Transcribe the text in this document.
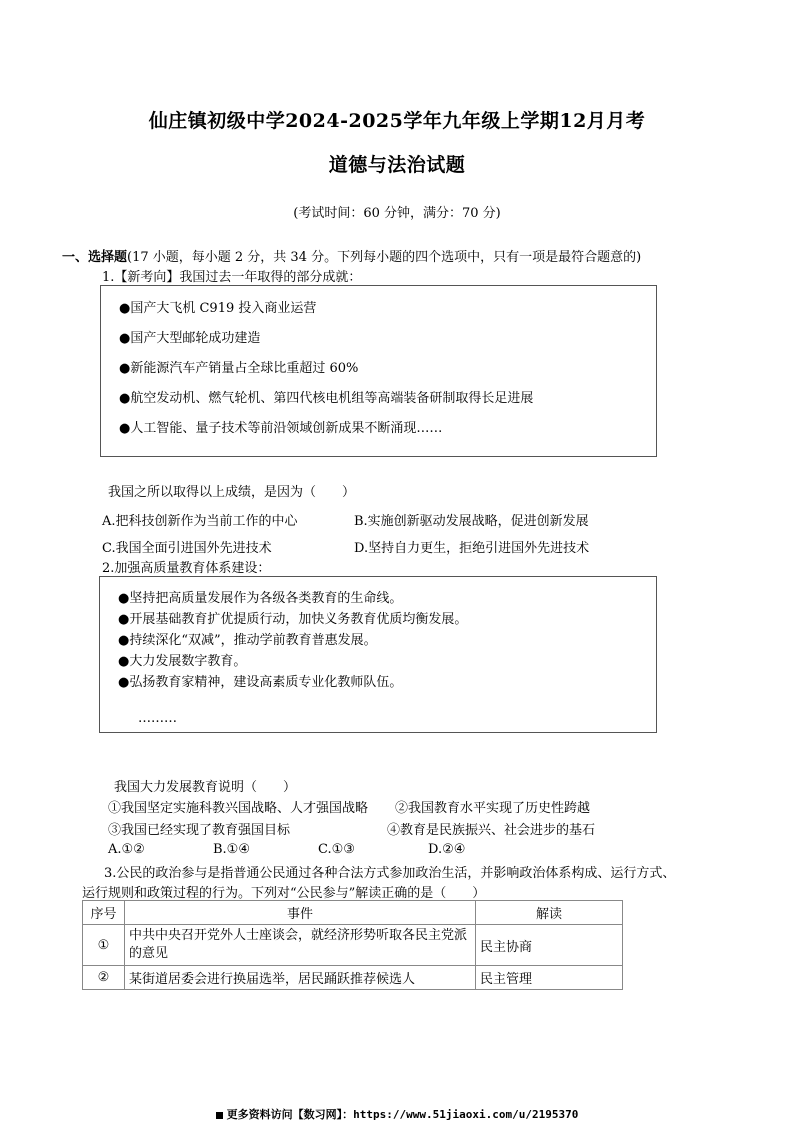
仙庄镇初级中学2024-2025学年九年级上学期12月月考
道德与法治试题
(考试时间：60 分钟，满分：70 分)
一、选择题(17 小题，每小题 2 分，共 34 分。下列每小题的四个选项中，只有一项是最符合题意的)
1.【新考向】我国过去一年取得的部分成就：
●国产大飞机 C919 投入商业运营
●国产大型邮轮成功建造
●新能源汽车产销量占全球比重超过 60%
●航空发动机、燃气轮机、第四代核电机组等高端装备研制取得长足进展
●人工智能、量子技术等前沿领域创新成果不断涌现……
我国之所以取得以上成绩，是因为（　　）
A.把科技创新作为当前工作的中心	B.实施创新驱动发展战略，促进创新发展
C.我国全面引进国外先进技术	D.坚持自力更生，拒绝引进国外先进技术
2.加强高质量教育体系建设：
●坚持把高质量发展作为各级各类教育的生命线。
●开展基础教育扩优提质行动，加快义务教育优质均衡发展。
●持续深化“双减”，推动学前教育普惠发展。
●大力发展数字教育。
●弘扬教育家精神，建设高素质专业化教师队伍。
………
我国大力发展教育说明（　　）
①我国坚定实施科教兴国战略、人才强国战略 ②我国教育水平实现了历史性跨越
③我国已经实现了教育强国目标	④教育是民族振兴、社会进步的基石
A.①②	B.①④	C.①③	D.②④
3.公民的政治参与是指普通公民通过各种合法方式参加政治生活，并影响政治体系构成、运行方式、
运行规则和政策过程的行为。下列对“公民参与”解读正确的是（　　）
序号	事件	解读
①	中共中央召开党外人士座谈会，就经济形势听取各民主党派的意见	民主协商
②	某街道居委会进行换届选举，居民踊跃推荐候选人	民主管理
更多资料访问【数习网】：https://www.51jiaoxi.com/u/2195370
